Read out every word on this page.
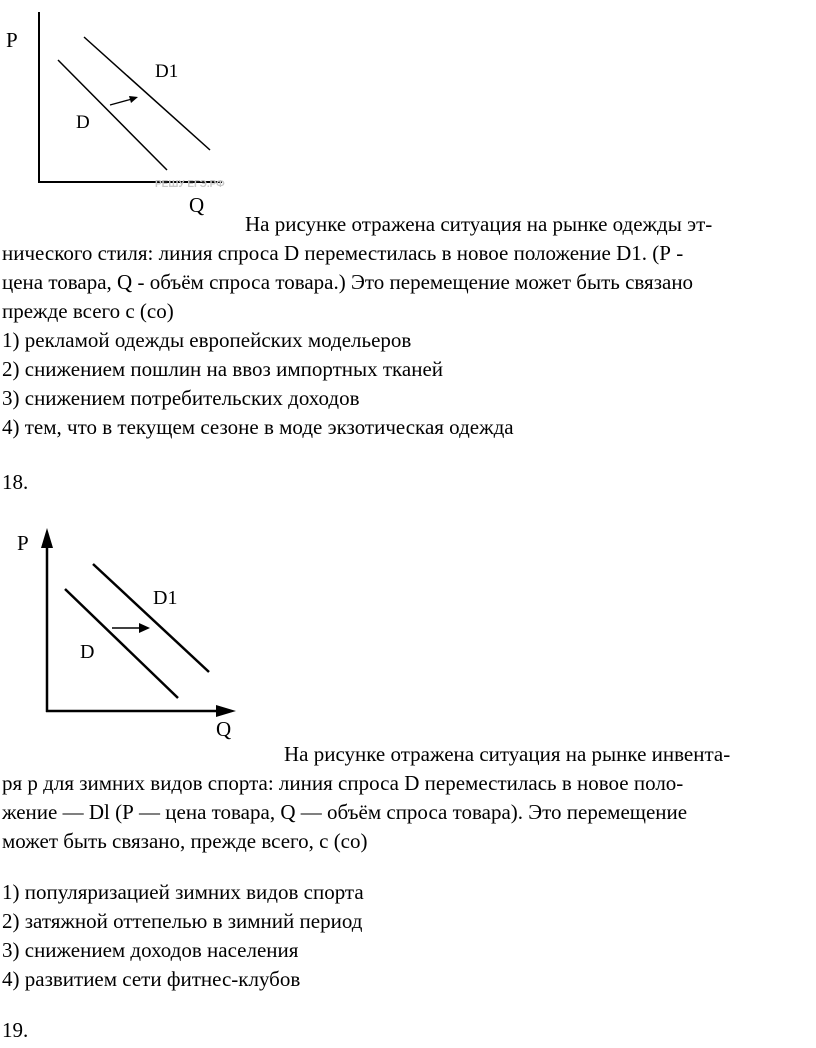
РЕШУ ЕГЭ.РФ
P
Q
D
D1
На рисунке отражена ситуация на рынке одежды эт-
нического стиля: линия спроса D переместилась в новое положение D1. (Р -
цена товара, Q - объём спроса товара.) Это перемещение может быть связано
прежде всего с (со)
1) рекламой одежды европейских модельеров
2) снижением пошлин на ввоз импортных тканей
3) снижением потребительских доходов
4) тем, что в текущем сезоне в моде экзотическая одежда
18.
P
Q
D
D1
На рисунке отражена ситуация на рынке инвента-
ря р для зимних видов спорта: линия спроса D переместилась в новое поло-
жение — Dl (Р — цена товара, Q — объём спроса товара). Это перемещение
может быть связано, прежде всего, с (со)
1) популяризацией зимних видов спорта
2) затяжной оттепелью в зимний период
3) снижением доходов населения
4) развитием сети фитнес-клубов
19.
